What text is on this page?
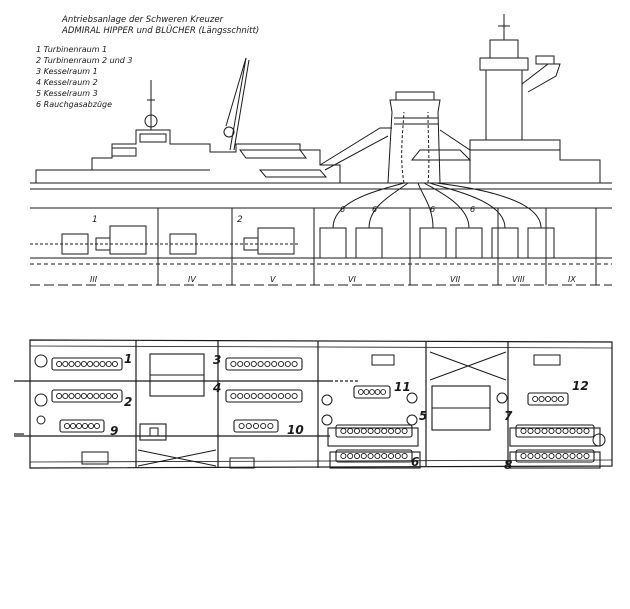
Antriebsanlage der Schweren Kreuzer
ADMIRAL HIPPER und BLÜCHER (Längsschnitt)
1 Turbinenraum 1
2 Turbinenraum 2 und 3
3 Kesselraum 1
4 Kesselraum 2
5 Kesselraum 3
6 Rauchgasabzüge
1	2
6	6	6	6
III	IV	V	VI	VII	VIII	IX
1
2
3
4
5
6
7
8
9	10
11	12
